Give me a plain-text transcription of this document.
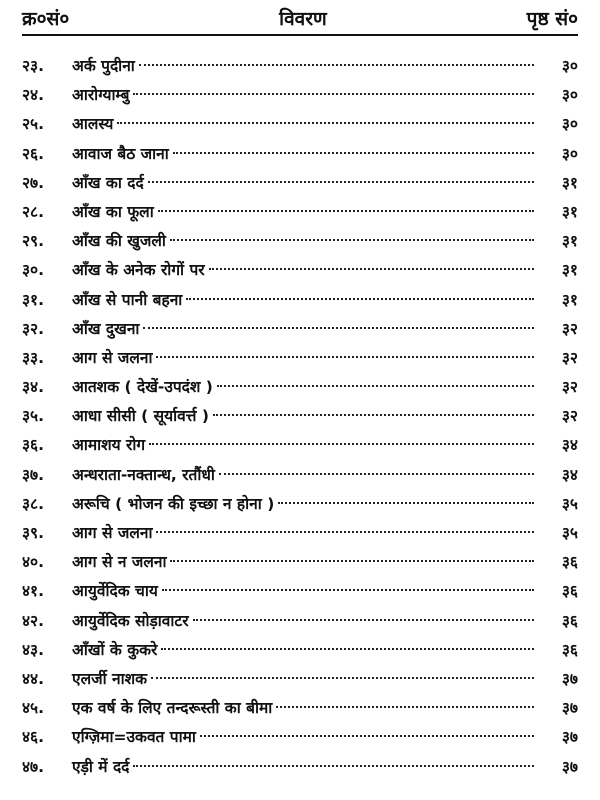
क्र०सं०	विवरण	पृष्ठ सं०
२३.	अर्क पुदीना	३०
२४.	आरोग्याम्बु	३०
२५.	आलस्य	३०
२६.	आवाज बैठ जाना	३०
२७.	आँख का दर्द	३१
२८.	आँख का फूला	३१
२९.	आँख की खुजली	३१
३०.	आँख के अनेक रोगों पर	३१
३१.	आँख से पानी बहना	३१
३२.	आँख दुखना	३२
३३.	आग से जलना	३२
३४.	आतशक ( देखें-उपदंश )	३२
३५.	आधा सीसी ( सूर्यावर्त्त )	३२
३६.	आमाशय रोग	३४
३७.	अन्धराता-नक्तान्ध, रतौंधी	३४
३८.	अरूचि ( भोजन की इच्छा न होना )	३५
३९.	आग से जलना	३५
४०.	आग से न जलना	३६
४१.	आयुर्वेदिक चाय	३६
४२.	आयुर्वेदिक सोड़ावाटर	३६
४३.	आँखों के कुकरे	३६
४४.	एलर्जी नाशक	३७
४५.	एक वर्ष के लिए तन्दरूस्ती का बीमा	३७
४६.	एग्ज़िमा=उकवत पामा	३७
४७.	एड़ी में दर्द	३७
